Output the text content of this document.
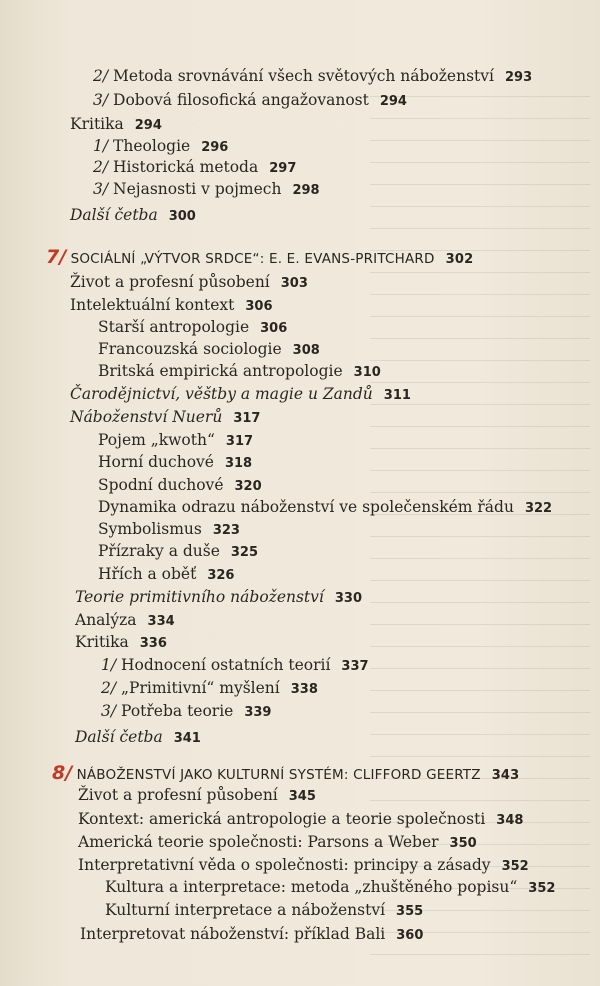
2/ Metoda srovnávání všech světových náboženství 293
3/ Dobová filosofická angažovanost 294
Kritika 294
1/ Theologie 296
2/ Historická metoda 297
3/ Nejasnosti v pojmech 298
Další četba 300
7/ SOCIÁLNÍ „VÝTVOR SRDCE“: E. E. EVANS-PRITCHARD 302
Život a profesní působení 303
Intelektuální kontext 306
Starší antropologie 306
Francouzská sociologie 308
Britská empirická antropologie 310
Čarodějnictví, věštby a magie u Zandů 311
Náboženství Nuerů 317
Pojem „kwoth“ 317
Horní duchové 318
Spodní duchové 320
Dynamika odrazu náboženství ve společenském řádu 322
Symbolismus 323
Přízraky a duše 325
Hřích a oběť 326
Teorie primitivního náboženství 330
Analýza 334
Kritika 336
1/ Hodnocení ostatních teorií 337
2/ „Primitivní“ myšlení 338
3/ Potřeba teorie 339
Další četba 341
8/ NÁBOŽENSTVÍ JAKO KULTURNÍ SYSTÉM: CLIFFORD GEERTZ 343
Život a profesní působení 345
Kontext: americká antropologie a teorie společnosti 348
Americká teorie společnosti: Parsons a Weber 350
Interpretativní věda o společnosti: principy a zásady 352
Kultura a interpretace: metoda „zhuštěného popisu“ 352
Kulturní interpretace a náboženství 355
Interpretovat náboženství: příklad Bali 360
